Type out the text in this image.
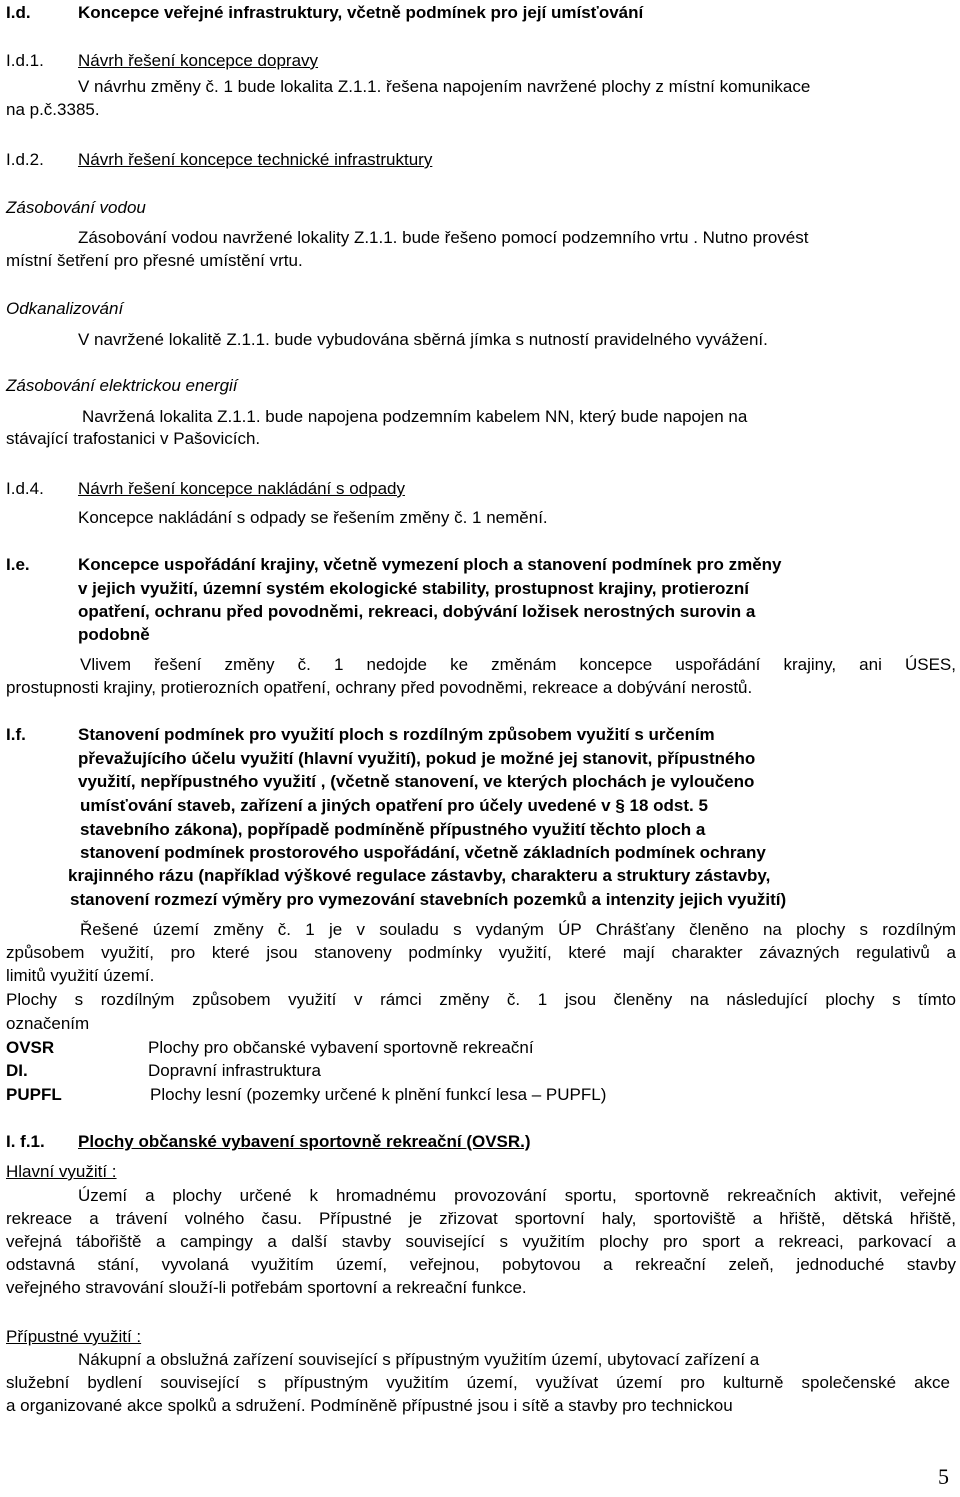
I.d.	Koncepce veřejné infrastruktury, včetně podmínek pro její umísťování
I.d.1. Návrh řešení koncepce dopravy
V návrhu změny č. 1 bude lokalita Z.1.1. řešena napojením navržené plochy z místní komunikace
na p.č.3385.
I.d.2. Návrh řešení koncepce technické infrastruktury
Zásobování vodou
Zásobování vodou navržené lokality Z.1.1. bude řešeno pomocí podzemního vrtu . Nutno provést
místní šetření pro přesné umístění vrtu.
Odkanalizování
V navržené lokalitě Z.1.1. bude vybudována sběrná jímka s nutností pravidelného vyvážení.
Zásobování elektrickou energií
Navržená lokalita Z.1.1. bude napojena podzemním kabelem NN, který bude napojen na
stávající trafostanici v Pašovicích.
I.d.4. Návrh řešení koncepce nakládání s odpady
Koncepce nakládání s odpady se řešením změny č. 1 nemění.
I.e.	Koncepce uspořádání krajiny, včetně vymezení ploch a stanovení podmínek pro změny
v jejich využití, územní systém ekologické stability, prostupnost krajiny, protierozní
opatření, ochranu před povodněmi, rekreaci, dobývání ložisek nerostných surovin a
podobně
Vlivem řešení změny č. 1 nedojde ke změnám koncepce uspořádání krajiny, ani ÚSES,
prostupnosti krajiny, protierozních opatření, ochrany před povodněmi, rekreace a dobývání nerostů.
I.f.	Stanovení podmínek pro využití ploch s rozdílným způsobem využití s určením
převažujícího účelu využití (hlavní využití), pokud je možné jej stanovit, přípustného
využití, nepřípustného využití , (včetně stanovení, ve kterých plochách je vyloučeno
umísťování staveb, zařízení a jiných opatření pro účely uvedené v § 18 odst. 5
stavebního zákona), popřípadě podmíněně přípustného využití těchto ploch a
stanovení podmínek prostorového uspořádání, včetně základních podmínek ochrany
krajinného rázu (například výškové regulace zástavby, charakteru a struktury zástavby,
stanovení rozmezí výměry pro vymezování stavebních pozemků a intenzity jejich využití)
Řešené území změny č. 1 je v souladu s vydaným ÚP Chrášťany členěno na plochy s rozdílným
způsobem využití, pro které jsou stanoveny podmínky využití, které mají charakter závazných regulativů a
limitů využití území.
Plochy s rozdílným způsobem využití v rámci změny č. 1 jsou členěny na následující plochy s tímto
označením
OVSR	Plochy pro občanské vybavení sportovně rekreační
DI.	Dopravní infrastruktura
PUPFL	Plochy lesní (pozemky určené k plnění funkcí lesa – PUPFL)
I. f.1. Plochy občanské vybavení sportovně rekreační (OVSR.)
Hlavní využití :
Území a plochy určené k hromadnému provozování sportu, sportovně rekreačních aktivit, veřejné
rekreace a trávení volného času. Přípustné je zřizovat sportovní haly, sportoviště a hřiště, dětská hřiště,
veřejná tábořiště a campingy a další stavby související s využitím plochy pro sport a rekreaci, parkovací a
odstavná stání, vyvolaná využitím území, veřejnou, pobytovou a rekreační zeleň, jednoduché stavby
veřejného stravování slouží-li potřebám sportovní a rekreační funkce.
Přípustné využití :
Nákupní a obslužná zařízení související s přípustným využitím území, ubytovací zařízení a
služební bydlení související s přípustným využitím území, využívat území pro kulturně společenské akce
a organizované akce spolků a sdružení. Podmíněně přípustné jsou i sítě a stavby pro technickou
5
